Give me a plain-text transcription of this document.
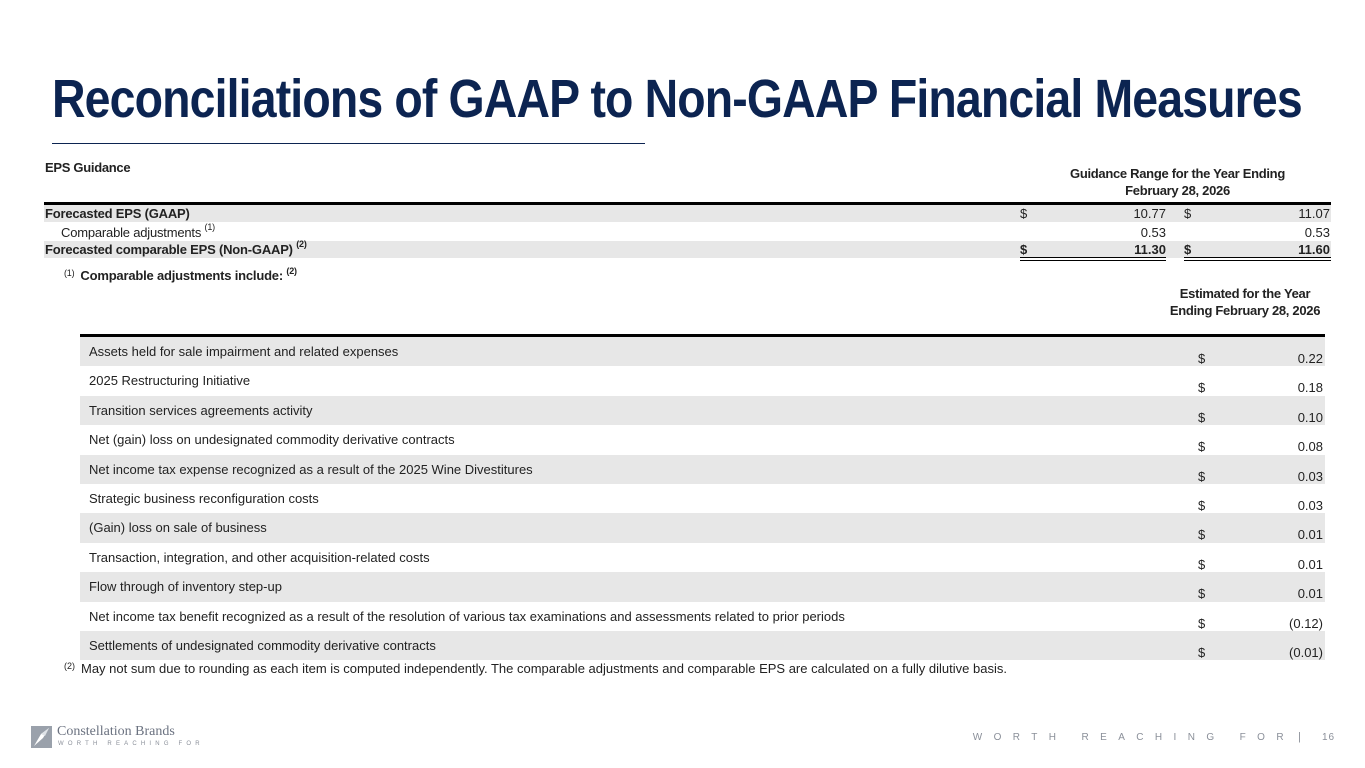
Reconciliations of GAAP to Non-GAAP Financial Measures
EPS Guidance	Guidance Range for the Year Ending
February 28, 2026
Forecasted EPS (GAAP)	$	10.77 $	11.07
Comparable adjustments $^{(1)}$	0.53	0.53
Forecasted comparable EPS (Non-GAAP) $^{(2)}$	$	11.30 $	11.60
$^{(1)}$ Comparable adjustments include: $^{(2)}$
Estimated for the Year
Ending February 28, 2026
Assets held for sale impairment and related expenses	$	0.22
2025 Restructuring Initiative	$	0.18
Transition services agreements activity	$	0.10
Net (gain) loss on undesignated commodity derivative contracts	$	0.08
Net income tax expense recognized as a result of the 2025 Wine Divestitures	$	0.03
Strategic business reconfiguration costs	$	0.03
(Gain) loss on sale of business	$	0.01
Transaction, integration, and other acquisition-related costs	$	0.01
Flow through of inventory step-up	$	0.01
Net income tax benefit recognized as a result of the resolution of various tax examinations and assessments related to prior periods	$	(0.12)
Settlements of undesignated commodity derivative contracts	$	(0.01)
$^{(2)}$ May not sum due to rounding as each item is computed independently. The comparable adjustments and comparable EPS are calculated on a fully dilutive basis.
Constellation Brands
WORTH REACHING FOR
WORTH REACHING FOR | 16
